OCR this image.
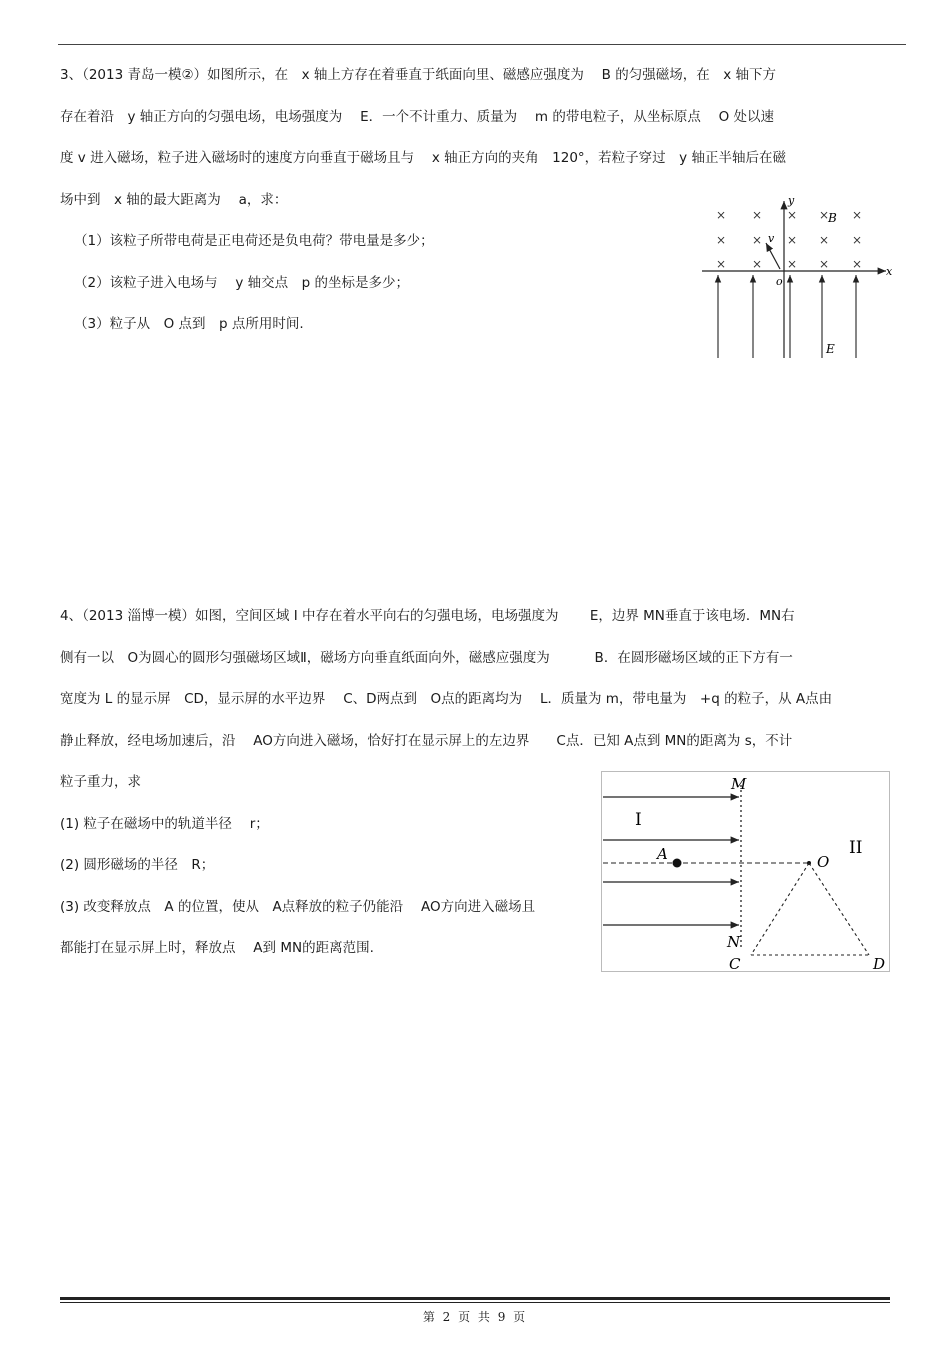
3、（2013 青岛一模②）如图所示，在　x 轴上方存在着垂直于纸面向里、磁感应强度为　 B 的匀强磁场，在　x 轴下方

存在着沿　y 轴正方向的匀强电场，电场强度为　 E．一个不计重力、质量为　 m 的带电粒子，从坐标原点　 O 处以速

度 v 进入磁场，粒子进入磁场时的速度方向垂直于磁场且与　 x 轴正方向的夹角　120°，若粒子穿过　y 轴正半轴后在磁

场中到　x 轴的最大距离为　 a，求：

（1）该粒子所带电荷是正电荷还是负电荷？带电量是多少；

（2）该粒子进入电场与　 y 轴交点　p 的坐标是多少；

（3）粒子从　O 点到　p 点所用时间.

× × × × ×
× × × × ×
× × × × ×
x
y
B
v
o
E

4、（2013 淄博一模）如图，空间区域 I 中存在着水平向右的匀强电场，电场强度为　　 E，边界 MN垂直于该电场．MN右

侧有一以　O为圆心的圆形匀强磁场区域Ⅱ，磁场方向垂直纸面向外，磁感应强度为　　　 B．在圆形磁场区域的正下方有一

宽度为 L 的显示屏　CD，显示屏的水平边界　 C、D两点到　O点的距离均为　 L．质量为 m，带电量为　+q 的粒子，从 A点由

静止释放，经电场加速后，沿　 AO方向进入磁场，恰好打在显示屏上的左边界　　C点．已知 A点到 MN的距离为 s，不计

粒子重力，求

(1) 粒子在磁场中的轨道半径　 r；

(2) 圆形磁场的半径　R；

(3) 改变释放点　A 的位置，使从　A点释放的粒子仍能沿　 AO方向进入磁场且

都能打在显示屏上时，释放点　 A到 MN的距离范围.

M
N
I
II
A	O
C	D
第 2 页 共 9 页
